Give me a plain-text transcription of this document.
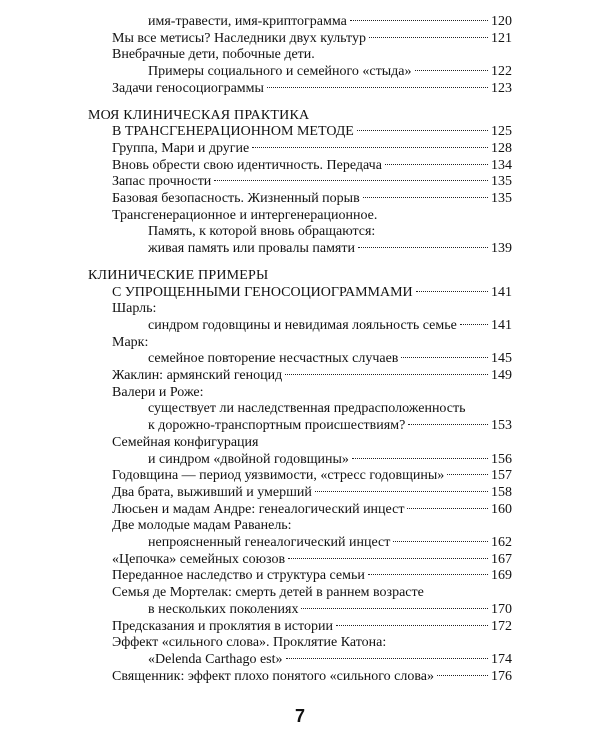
имя-травести, имя-криптограмма	120
Мы все метисы? Наследники двух культур	121
Внебрачные дети, побочные дети.
Примеры социального и семейного «стыда»	122
Задачи геносоциограммы	123
МОЯ КЛИНИЧЕСКАЯ ПРАКТИКА
В ТРАНСГЕНЕРАЦИОННОМ МЕТОДЕ	125
Группа, Мари и другие	128
Вновь обрести свою идентичность. Передача	134
Запас прочности	135
Базовая безопасность. Жизненный порыв	135
Трансгенерационное и интергенерационное.
Память, к которой вновь обращаются:
живая память или провалы памяти	139
КЛИНИЧЕСКИЕ ПРИМЕРЫ
С УПРОЩЕННЫМИ ГЕНОСОЦИОГРАММАМИ	141
Шарль:
синдром годовщины и невидимая лояльность семье 141
Марк:
семейное повторение несчастных случаев	145
Жаклин: армянский геноцид	149
Валери и Роже:
существует ли наследственная предрасположенность
к дорожно-транспортным происшествиям?	153
Семейная конфигурация
и синдром «двойной годовщины»	156
Годовщина — период уязвимости, «стресс годовщины»	157
Два брата, выживший и умерший	158
Люсьен и мадам Андре: генеалогический инцест	160
Две молодые мадам Раванель:
непроясненный генеалогический инцест	162
«Цепочка» семейных союзов	167
Переданное наследство и структура семьи	169
Семья де Мортелак: смерть детей в раннем возрасте
в нескольких поколениях	170
Предсказания и проклятия в истории	172
Эффект «сильного слова». Проклятие Катона:
«Delenda Carthago est»	174
Священник: эффект плохо понятого «сильного слова»	176
7
